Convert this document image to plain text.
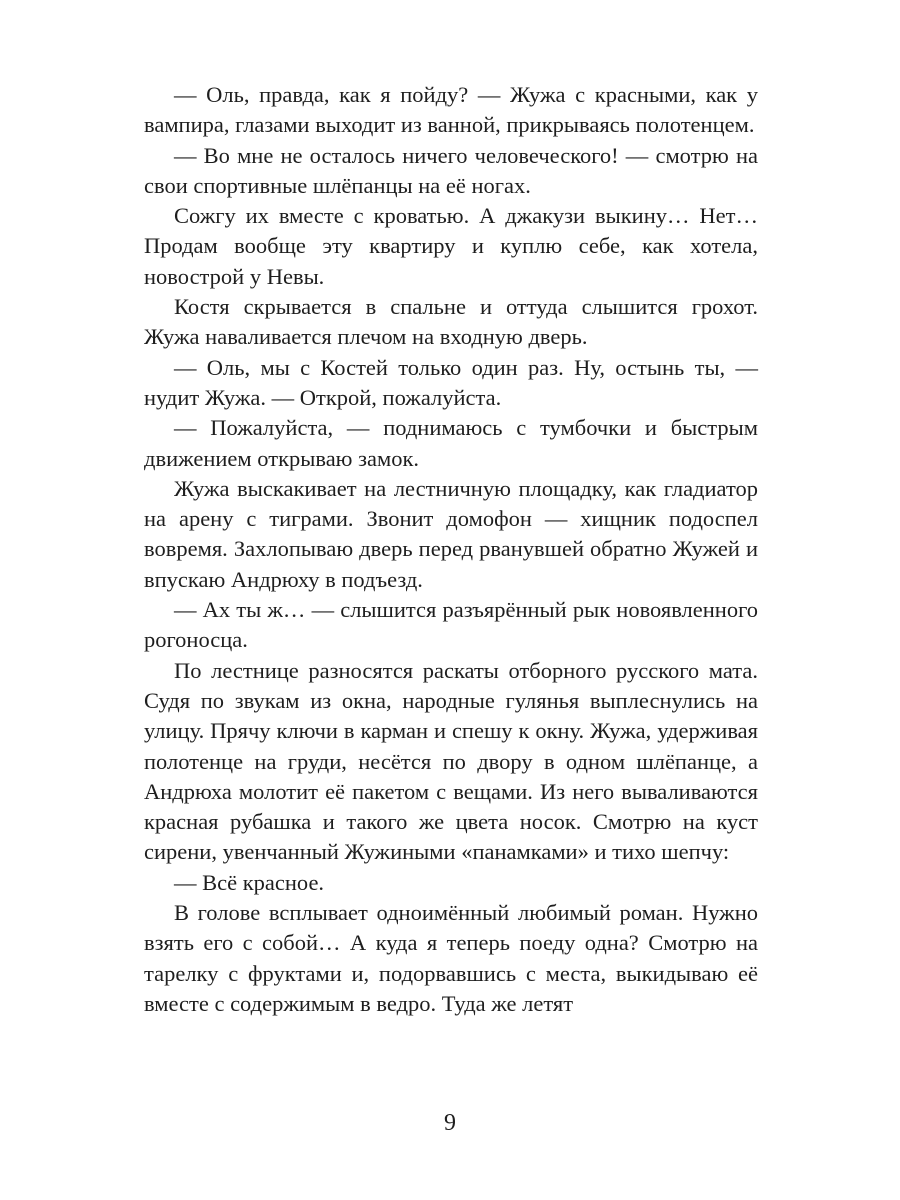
— Оль, правда, как я пойду? — Жужа с красными, как у вампира, глазами выходит из ванной, прикрываясь полотенцем.

— Во мне не осталось ничего человеческого! — смотрю на свои спортивные шлёпанцы на её ногах.

Сожгу их вместе с кроватью. А джакузи выкину… Нет… Продам вообще эту квартиру и куплю себе, как хотела, новострой у Невы.

Костя скрывается в спальне и оттуда слышится грохот. Жужа наваливается плечом на входную дверь.

— Оль, мы с Костей только один раз. Ну, остынь ты, — нудит Жужа. — Открой, пожалуйста.

— Пожалуйста, — поднимаюсь с тумбочки и быстрым движением открываю замок.

Жужа выскакивает на лестничную площадку, как гладиатор на арену с тиграми. Звонит домофон — хищник подоспел вовремя. Захлопываю дверь перед рванувшей обратно Жужей и впускаю Андрюху в подъезд.

— Ах ты ж… — слышится разъярённый рык новоявленного рогоносца.

По лестнице разносятся раскаты отборного русского мата. Судя по звукам из окна, народные гулянья выплеснулись на улицу. Прячу ключи в карман и спешу к окну. Жужа, удерживая полотенце на груди, несётся по двору в одном шлёпанце, а Андрюха молотит её пакетом с вещами. Из него вываливаются красная рубашка и такого же цвета носок. Смотрю на куст сирени, увенчанный Жужиными «панамками» и тихо шепчу:

— Всё красное.

В голове всплывает одноимённый любимый роман. Нужно взять его с собой… А куда я теперь поеду одна? Смотрю на тарелку с фруктами и, подорвавшись с места, выкидываю её вместе с содержимым в ведро. Туда же летят

9
